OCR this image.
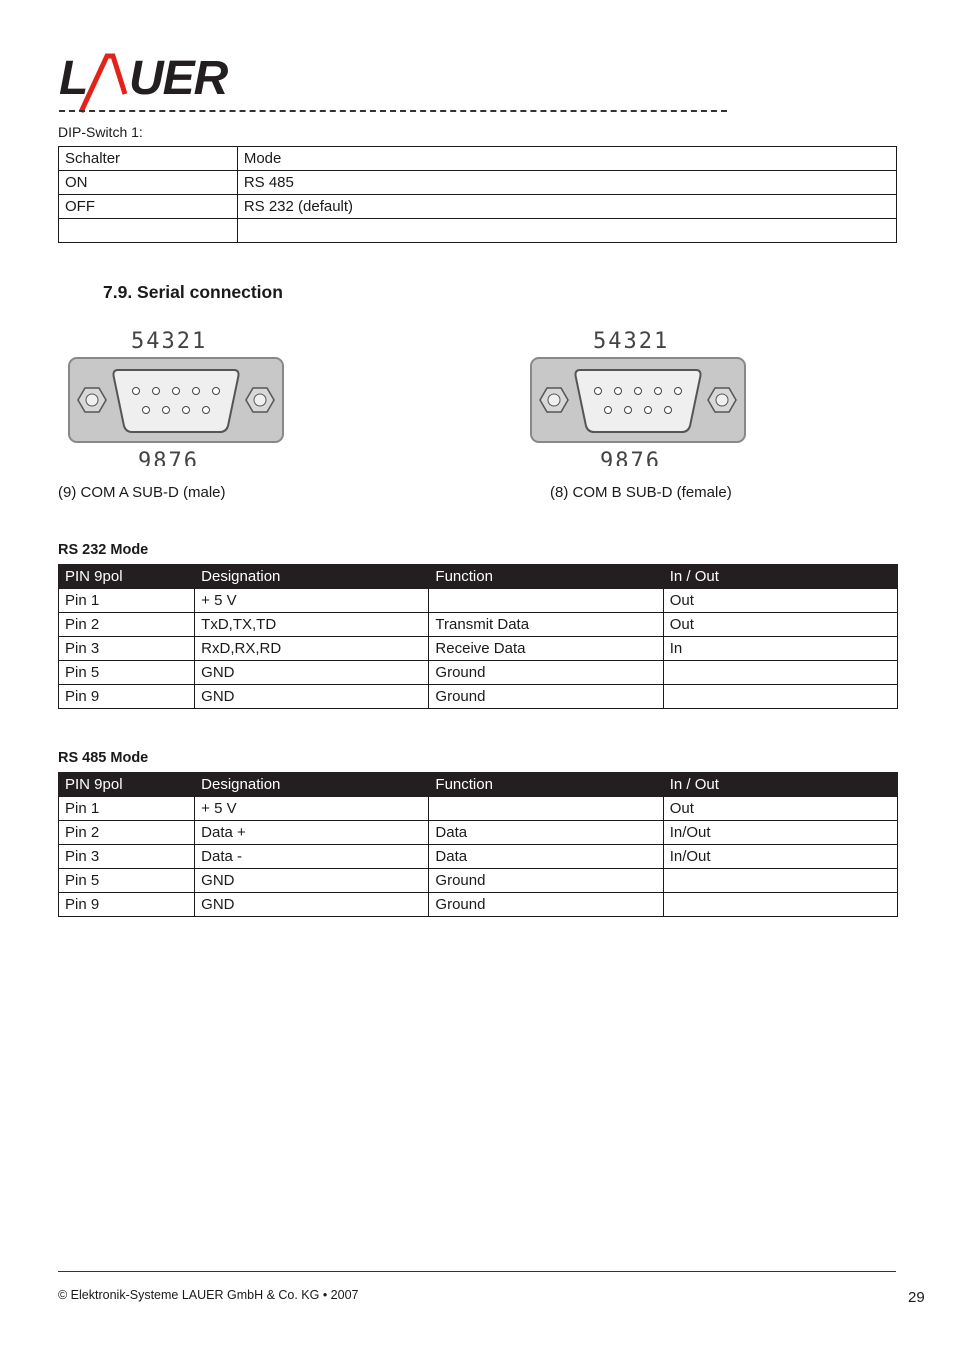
L UER
DIP-Switch 1:
Schalter	Mode
ON	RS 485
OFF	RS 232 (default)

7.9. Serial connection
54321
9876
(9) COM A SUB-D (male)
54321
9876
(8) COM B SUB-D (female)
RS 232 Mode
PIN 9pol	Designation	Function	In / Out
Pin 1	+ 5 V		Out
Pin 2	TxD,TX,TD	Transmit Data	Out
Pin 3	RxD,RX,RD	Receive Data	In
Pin 5	GND	Ground	
Pin 9	GND	Ground	
RS 485 Mode
PIN 9pol	Designation	Function	In / Out
Pin 1	+ 5 V		Out
Pin 2	Data +	Data	In/Out
Pin 3	Data -	Data	In/Out
Pin 5	GND	Ground	
Pin 9	GND	Ground	
© Elektronik-Systeme LAUER GmbH & Co. KG • 2007	29
